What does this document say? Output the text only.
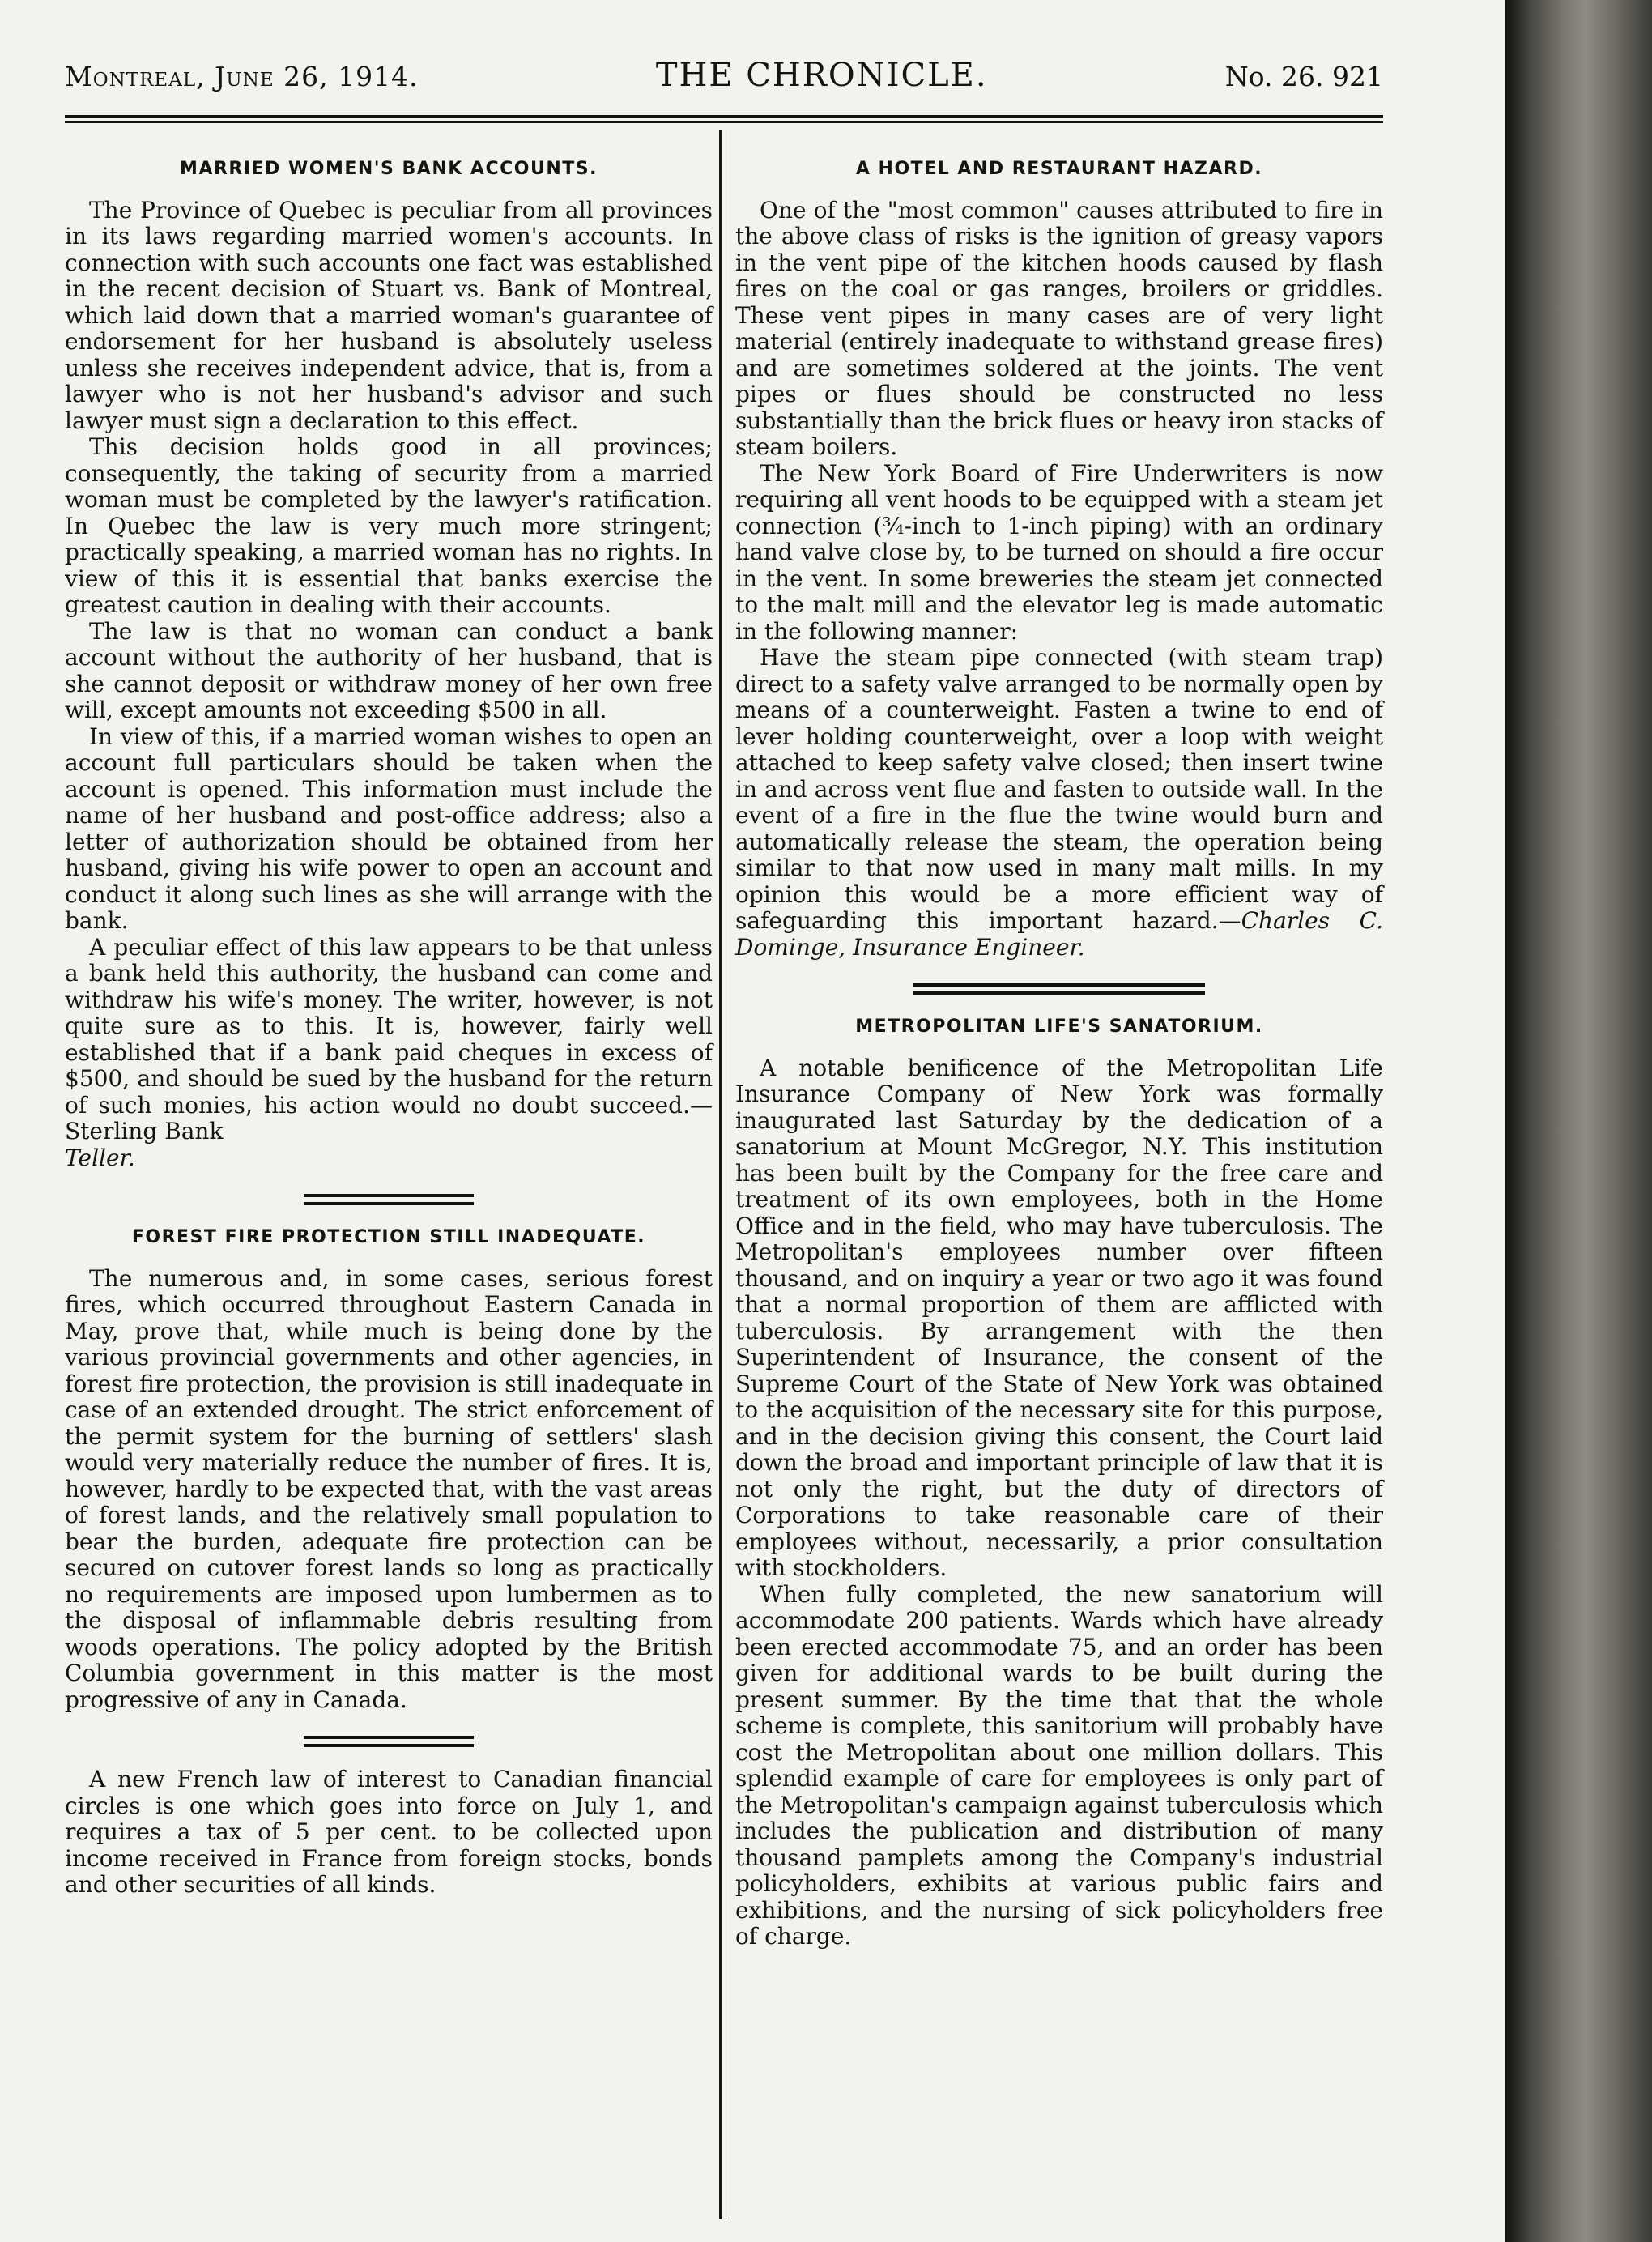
Montreal, June 26, 1914.	THE CHRONICLE.	No. 26. 921
MARRIED WOMEN'S BANK ACCOUNTS.

The Province of Quebec is peculiar from all provinces in its laws regarding married women's accounts. In connection with such accounts one fact was established in the recent decision of Stuart vs. Bank of Montreal, which laid down that a married woman's guarantee of endorsement for her husband is absolutely useless unless she receives independent advice, that is, from a lawyer who is not her husband's advisor and such lawyer must sign a declaration to this effect.

This decision holds good in all provinces; consequently, the taking of security from a married woman must be completed by the lawyer's ratification. In Quebec the law is very much more stringent; practically speaking, a married woman has no rights. In view of this it is essential that banks exercise the greatest caution in dealing with their accounts.

The law is that no woman can conduct a bank account without the authority of her husband, that is she cannot deposit or withdraw money of her own free will, except amounts not exceeding $500 in all.

In view of this, if a married woman wishes to open an account full particulars should be taken when the account is opened. This information must include the name of her husband and post-office address; also a letter of authorization should be obtained from her husband, giving his wife power to open an account and conduct it along such lines as she will arrange with the bank.

A peculiar effect of this law appears to be that unless a bank held this authority, the husband can come and withdraw his wife's money. The writer, however, is not quite sure as to this. It is, however, fairly well established that if a bank paid cheques in excess of $500, and should be sued by the husband for the return of such monies, his action would no doubt succeed.—Sterling Bank

Teller.
FOREST FIRE PROTECTION STILL INADEQUATE.

The numerous and, in some cases, serious forest fires, which occurred throughout Eastern Canada in May, prove that, while much is being done by the various provincial governments and other agencies, in forest fire protection, the provision is still inadequate in case of an extended drought. The strict enforcement of the permit system for the burning of settlers' slash would very materially reduce the number of fires. It is, however, hardly to be expected that, with the vast areas of forest lands, and the relatively small population to bear the burden, adequate fire protection can be secured on cutover forest lands so long as practically no requirements are imposed upon lumbermen as to the disposal of inflammable debris resulting from woods operations. The policy adopted by the British Columbia government in this matter is the most progressive of any in Canada.

A new French law of interest to Canadian financial circles is one which goes into force on July 1, and requires a tax of 5 per cent. to be collected upon income received in France from foreign stocks, bonds and other securities of all kinds.

A HOTEL AND RESTAURANT HAZARD.

One of the "most common" causes attributed to fire in the above class of risks is the ignition of greasy vapors in the vent pipe of the kitchen hoods caused by flash fires on the coal or gas ranges, broilers or griddles. These vent pipes in many cases are of very light material (entirely inadequate to withstand grease fires) and are sometimes soldered at the joints. The vent pipes or flues should be constructed no less substantially than the brick flues or heavy iron stacks of steam boilers.

The New York Board of Fire Underwriters is now requiring all vent hoods to be equipped with a steam jet connection (¾-inch to 1-inch piping) with an ordinary hand valve close by, to be turned on should a fire occur in the vent. In some breweries the steam jet connected to the malt mill and the elevator leg is made automatic in the following manner:

Have the steam pipe connected (with steam trap) direct to a safety valve arranged to be normally open by means of a counterweight. Fasten a twine to end of lever holding counterweight, over a loop with weight attached to keep safety valve closed; then insert twine in and across vent flue and fasten to outside wall. In the event of a fire in the flue the twine would burn and automatically release the steam, the operation being similar to that now used in many malt mills. In my opinion this would be a more efficient way of safeguarding this important hazard.—Charles C. Dominge, Insurance Engineer.

METROPOLITAN LIFE'S SANATORIUM.

A notable benificence of the Metropolitan Life Insurance Company of New York was formally inaugurated last Saturday by the dedication of a sanatorium at Mount McGregor, N.Y. This institution has been built by the Company for the free care and treatment of its own employees, both in the Home Office and in the field, who may have tuberculosis. The Metropolitan's employees number over fifteen thousand, and on inquiry a year or two ago it was found that a normal proportion of them are afflicted with tuberculosis. By arrangement with the then Superintendent of Insurance, the consent of the Supreme Court of the State of New York was obtained to the acquisition of the necessary site for this purpose, and in the decision giving this consent, the Court laid down the broad and important principle of law that it is not only the right, but the duty of directors of Corporations to take reasonable care of their employees without, necessarily, a prior consultation with stockholders.

When fully completed, the new sanatorium will accommodate 200 patients. Wards which have already been erected accommodate 75, and an order has been given for additional wards to be built during the present summer. By the time that that the whole scheme is complete, this sanitorium will probably have cost the Metropolitan about one million dollars. This splendid example of care for employees is only part of the Metropolitan's campaign against tuberculosis which includes the publication and distribution of many thousand pamplets among the Company's industrial policyholders, exhibits at various public fairs and exhibitions, and the nursing of sick policyholders free of charge.
